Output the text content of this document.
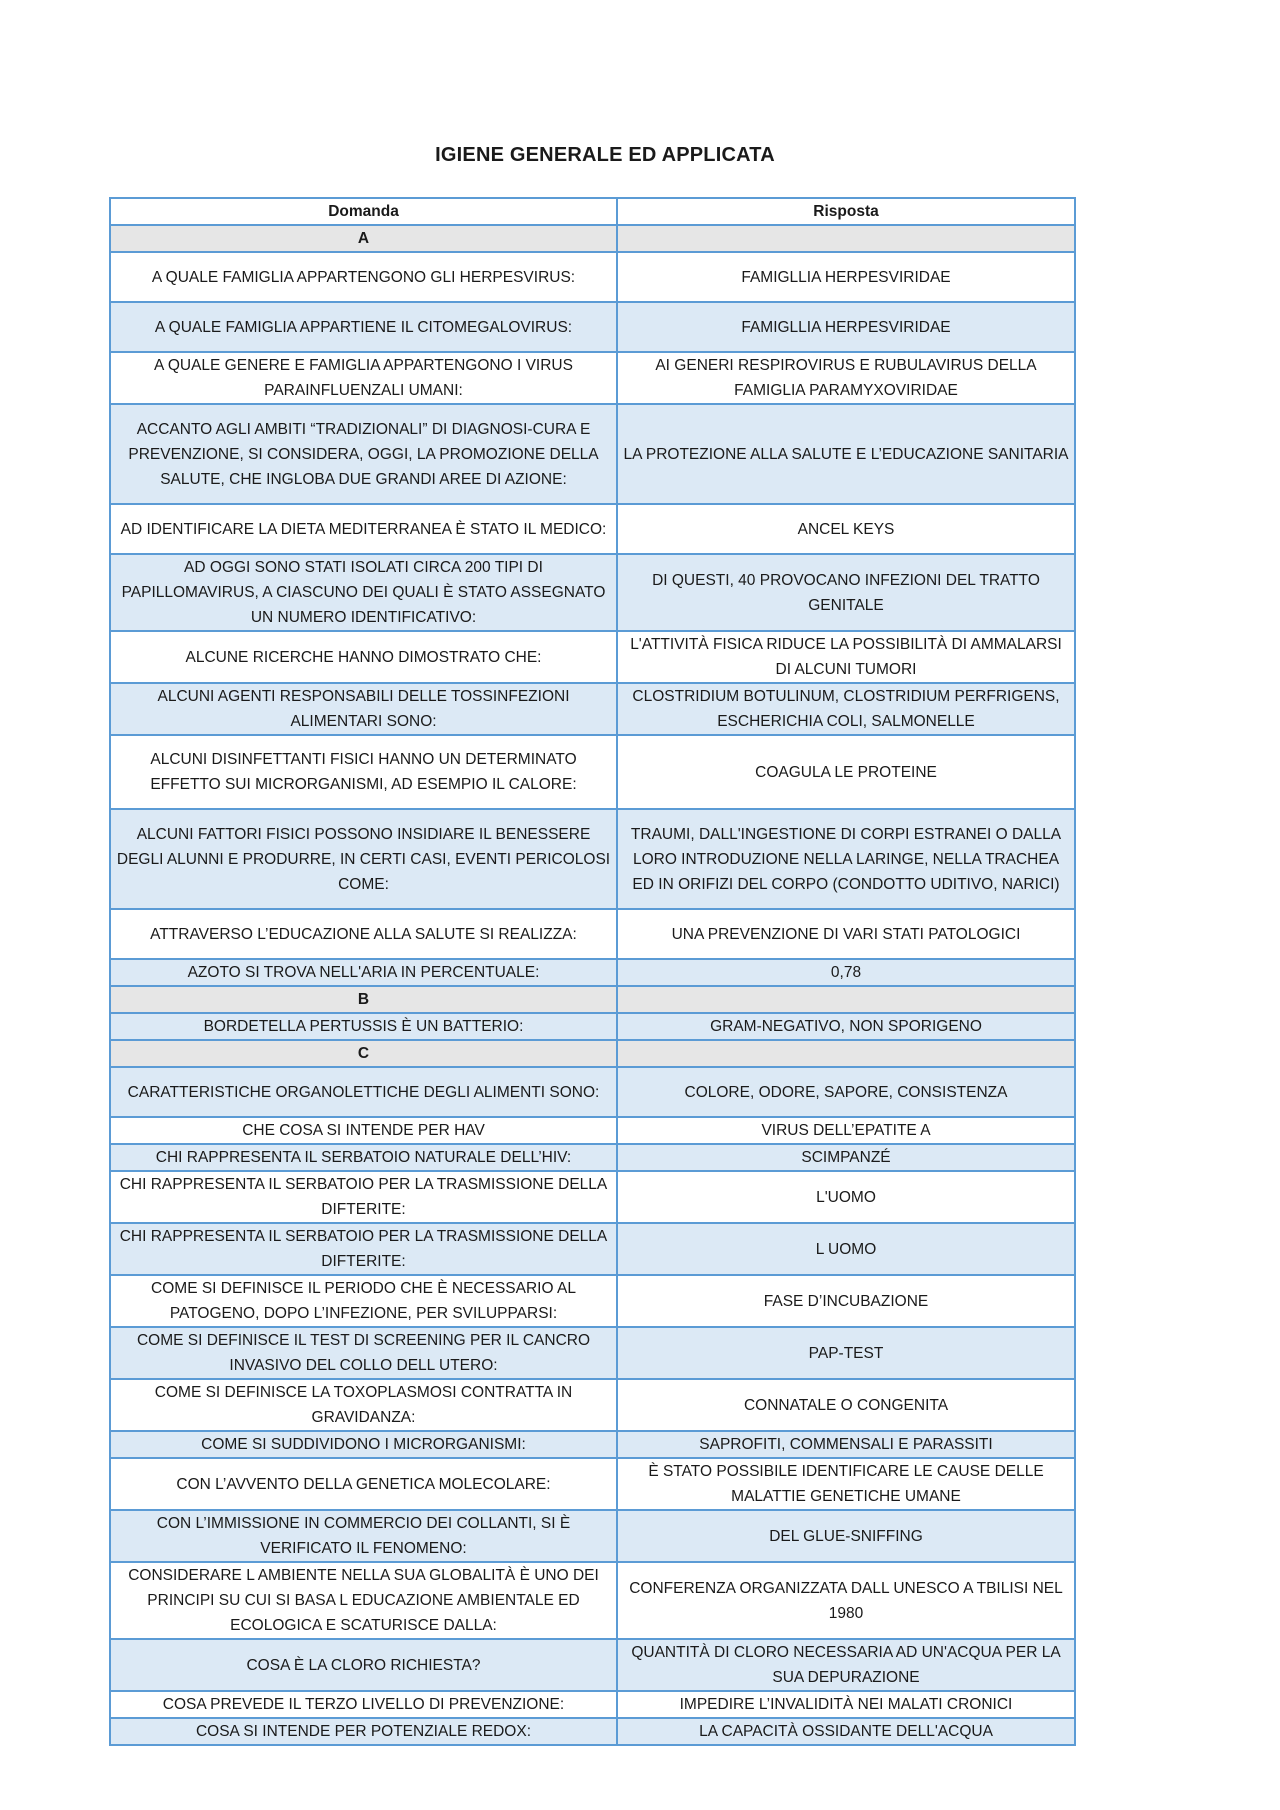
IGIENE GENERALE ED APPLICATA
Domanda	Risposta
A	
A QUALE FAMIGLIA APPARTENGONO GLI HERPESVIRUS:	FAMIGLLIA HERPESVIRIDAE
A QUALE FAMIGLIA APPARTIENE IL CITOMEGALOVIRUS:	FAMIGLLIA HERPESVIRIDAE
A QUALE GENERE E FAMIGLIA APPARTENGONO I VIRUS PARAINFLUENZALI UMANI:	AI GENERI RESPIROVIRUS E RUBULAVIRUS DELLA FAMIGLIA PARAMYXOVIRIDAE
ACCANTO AGLI AMBITI “TRADIZIONALI” DI DIAGNOSI-CURA E PREVENZIONE, SI CONSIDERA, OGGI, LA PROMOZIONE DELLA SALUTE, CHE INGLOBA DUE GRANDI AREE DI AZIONE:	LA PROTEZIONE ALLA SALUTE E L’EDUCAZIONE SANITARIA
AD IDENTIFICARE LA DIETA MEDITERRANEA È STATO IL MEDICO:	ANCEL KEYS
AD OGGI SONO STATI ISOLATI CIRCA 200 TIPI DI PAPILLOMAVIRUS, A CIASCUNO DEI QUALI È STATO ASSEGNATO UN NUMERO IDENTIFICATIVO:	DI QUESTI, 40 PROVOCANO INFEZIONI DEL TRATTO GENITALE
ALCUNE RICERCHE HANNO DIMOSTRATO CHE:	L'ATTIVITÀ FISICA RIDUCE LA POSSIBILITÀ DI AMMALARSI DI ALCUNI TUMORI
ALCUNI AGENTI RESPONSABILI DELLE TOSSINFEZIONI ALIMENTARI SONO:	CLOSTRIDIUM BOTULINUM, CLOSTRIDIUM PERFRIGENS, ESCHERICHIA COLI, SALMONELLE
ALCUNI DISINFETTANTI FISICI HANNO UN DETERMINATO EFFETTO SUI MICRORGANISMI, AD ESEMPIO IL CALORE:	COAGULA LE PROTEINE
ALCUNI FATTORI FISICI POSSONO INSIDIARE IL BENESSERE DEGLI ALUNNI E PRODURRE, IN CERTI CASI, EVENTI PERICOLOSI COME:	TRAUMI, DALL'INGESTIONE DI CORPI ESTRANEI O DALLA LORO INTRODUZIONE NELLA LARINGE, NELLA TRACHEA ED IN ORIFIZI DEL CORPO (CONDOTTO UDITIVO, NARICI)
ATTRAVERSO L’EDUCAZIONE ALLA SALUTE SI REALIZZA:	UNA PREVENZIONE DI VARI STATI PATOLOGICI
AZOTO SI TROVA NELL'ARIA IN PERCENTUALE:	0,78
B	
BORDETELLA PERTUSSIS È UN BATTERIO:	GRAM-NEGATIVO, NON SPORIGENO
C	
CARATTERISTICHE ORGANOLETTICHE DEGLI ALIMENTI SONO:	COLORE, ODORE, SAPORE, CONSISTENZA
CHE COSA SI INTENDE PER HAV	VIRUS DELL’EPATITE A
CHI RAPPRESENTA IL SERBATOIO NATURALE DELL’HIV:	SCIMPANZÉ
CHI RAPPRESENTA IL SERBATOIO PER LA TRASMISSIONE DELLA DIFTERITE:	L'UOMO
CHI RAPPRESENTA IL SERBATOIO PER LA TRASMISSIONE DELLA DIFTERITE:	L UOMO
COME SI DEFINISCE IL PERIODO CHE È NECESSARIO AL PATOGENO, DOPO L’INFEZIONE, PER SVILUPPARSI:	FASE D’INCUBAZIONE
COME SI DEFINISCE IL TEST DI SCREENING PER IL CANCRO INVASIVO DEL COLLO DELL UTERO:	PAP-TEST
COME SI DEFINISCE LA TOXOPLASMOSI CONTRATTA IN GRAVIDANZA:	CONNATALE O CONGENITA
COME SI SUDDIVIDONO I MICRORGANISMI:	SAPROFITI, COMMENSALI E PARASSITI
CON L’AVVENTO DELLA GENETICA MOLECOLARE:	È STATO POSSIBILE IDENTIFICARE LE CAUSE DELLE MALATTIE GENETICHE UMANE
CON L’IMMISSIONE IN COMMERCIO DEI COLLANTI, SI È VERIFICATO IL FENOMENO:	DEL GLUE-SNIFFING
CONSIDERARE L AMBIENTE NELLA SUA GLOBALITÀ È UNO DEI PRINCIPI SU CUI SI BASA L EDUCAZIONE AMBIENTALE ED ECOLOGICA E SCATURISCE DALLA:	CONFERENZA ORGANIZZATA DALL UNESCO A TBILISI NEL 1980
COSA È LA CLORO RICHIESTA?	QUANTITÀ DI CLORO NECESSARIA AD UN'ACQUA PER LA SUA DEPURAZIONE
COSA PREVEDE IL TERZO LIVELLO DI PREVENZIONE:	IMPEDIRE L’INVALIDITÀ NEI MALATI CRONICI
COSA SI INTENDE PER POTENZIALE REDOX:	LA CAPACITÀ OSSIDANTE DELL'ACQUA
